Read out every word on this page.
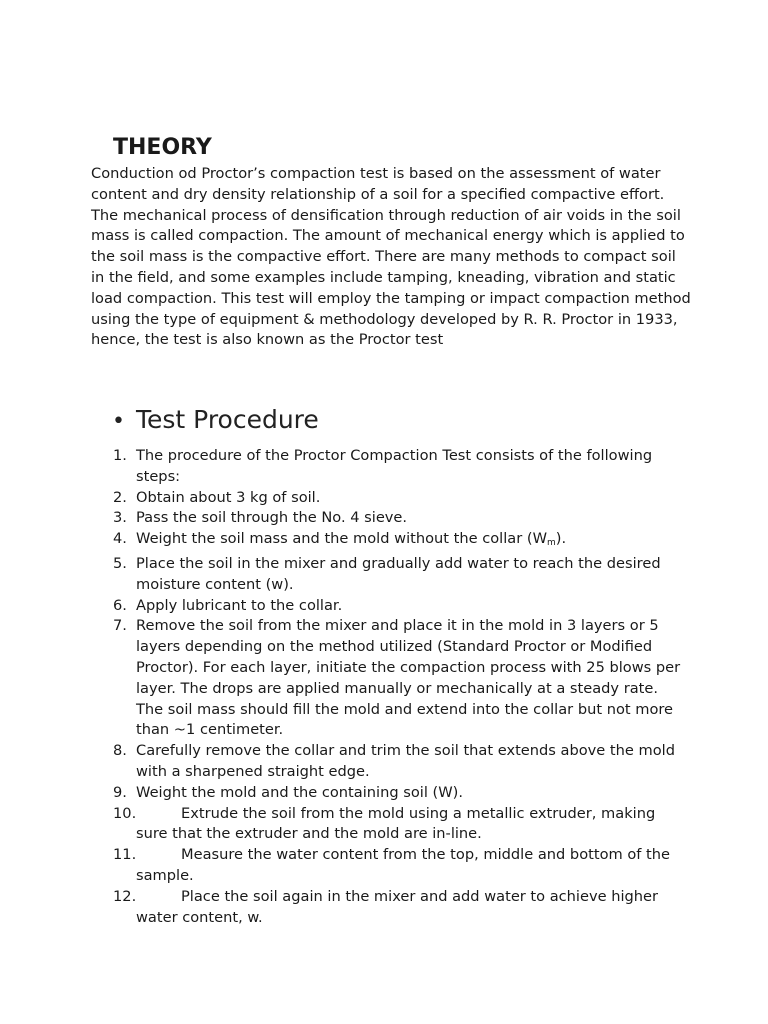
THEORY

Conduction od Proctor’s compaction test is based on the assessment of water content and dry density relationship of a soil for a specified compactive effort. The mechanical process of densification through reduction of air voids in the soil mass is called compaction. The amount of mechanical energy which is applied to the soil mass is the compactive effort. There are many methods to compact soil in the field, and some examples include tamping, kneading, vibration and static load compaction. This test will employ the tamping or impact compaction method using the type of equipment & methodology developed by R. R. Proctor in 1933, hence, the test is also known as the Proctor test

• Test Procedure
1. The procedure of the Proctor Compaction Test consists of the following steps:
2. Obtain about 3 kg of soil.
3. Pass the soil through the No. 4 sieve.
4. Weight the soil mass and the mold without the collar $(W_m)$.
5. Place the soil in the mixer and gradually add water to reach the desired moisture content (w).
6. Apply lubricant to the collar.
7. Remove the soil from the mixer and place it in the mold in 3 layers or 5 layers depending on the method utilized (Standard Proctor or Modified Proctor). For each layer, initiate the compaction process with 25 blows per layer. The drops are applied manually or mechanically at a steady rate. The soil mass should fill the mold and extend into the collar but not more than ~1 centimeter.
8. Carefully remove the collar and trim the soil that extends above the mold with a sharpened straight edge.
9. Weight the mold and the containing soil (W).
10.	Extrude the soil from the mold using a metallic extruder, making sure that the extruder and the mold are in-line.
11.	Measure the water content from the top, middle and bottom of the sample.
12.	Place the soil again in the mixer and add water to achieve higher water content, w.
